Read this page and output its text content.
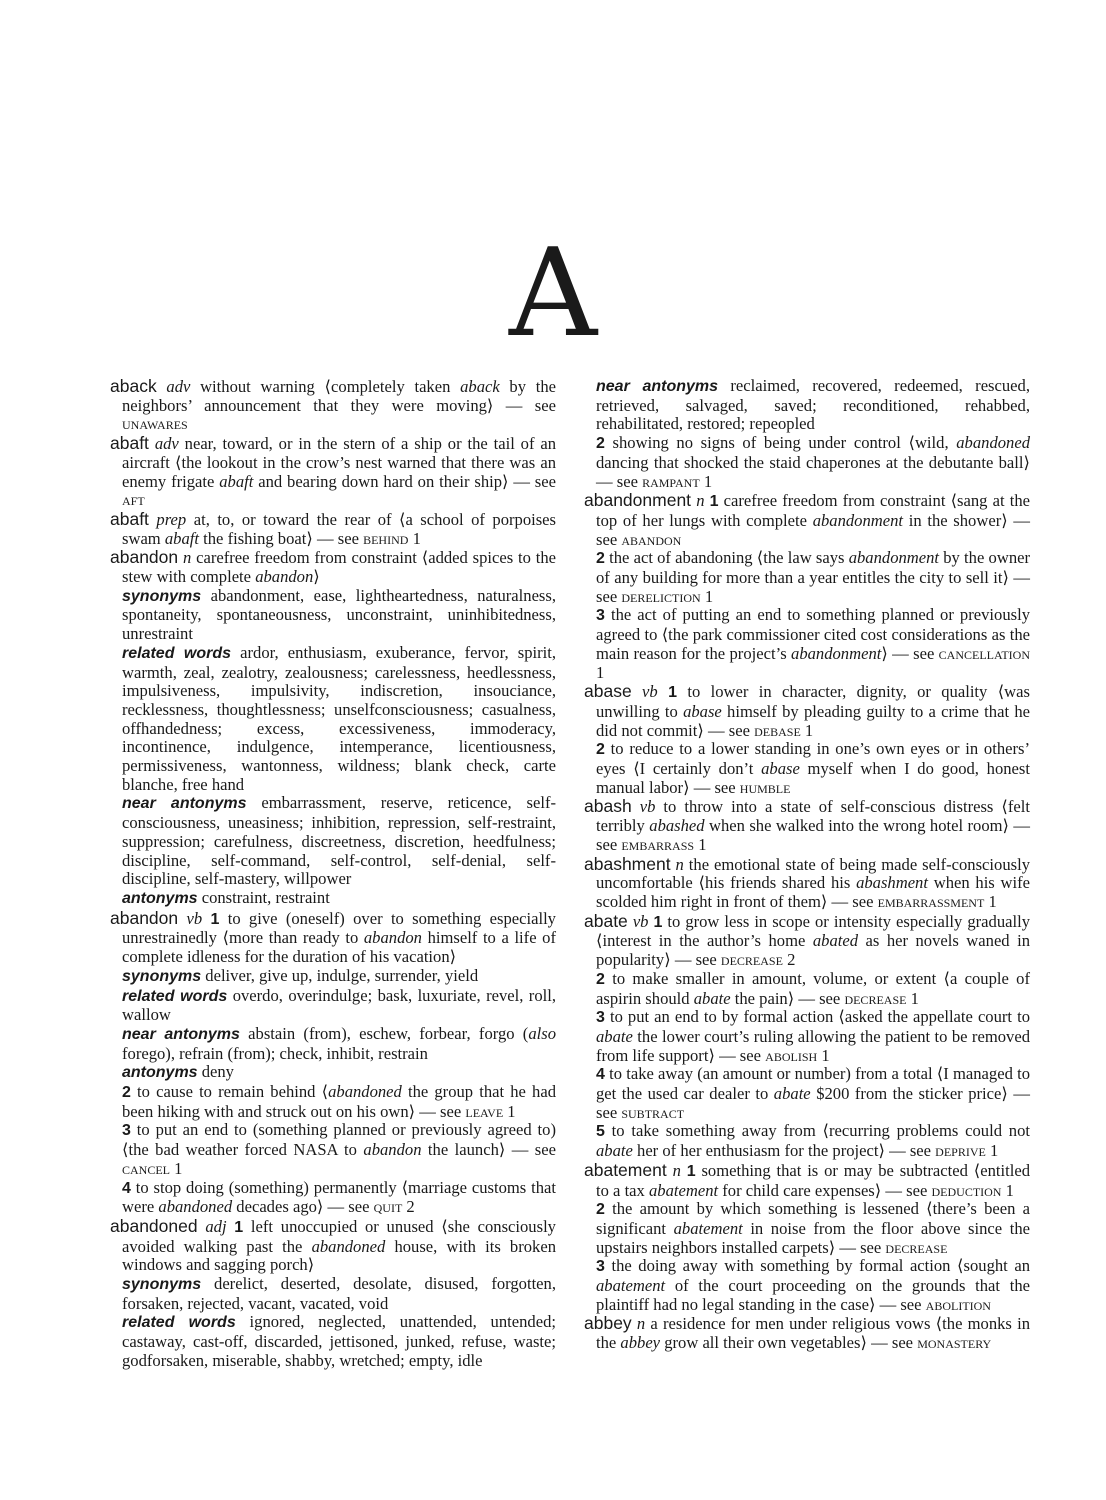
A

aback adv without warning ⟨completely taken aback by the neighbors’ announcement that they were moving⟩ — see unawares

abaft adv near, toward, or in the stern of a ship or the tail of an aircraft ⟨the lookout in the crow’s nest warned that there was an enemy frigate abaft and bearing down hard on their ship⟩ — see aft

abaft prep at, to, or toward the rear of ⟨a school of porpoises swam abaft the fishing boat⟩ — see behind 1

abandon n carefree freedom from constraint ⟨added spices to the stew with complete abandon⟩

synonyms abandonment, ease, lightheartedness, naturalness, spontaneity, spontaneousness, unconstraint, uninhibitedness, unrestraint

related words ardor, enthusiasm, exuberance, fervor, spirit, warmth, zeal, zealotry, zealousness; carelessness, heedlessness, impulsiveness, impulsivity, indiscretion, insouciance, recklessness, thoughtlessness; unselfconsciousness; casualness, offhandedness; excess, excessiveness, immoderacy, incontinence, indulgence, intemperance, licentiousness, permissiveness, wantonness, wildness; blank check, carte blanche, free hand

near antonyms embarrassment, reserve, reticence, self-consciousness, uneasiness; inhibition, repression, self-restraint, suppression; carefulness, discreetness, discretion, heedfulness; discipline, self-command, self-control, self-denial, self-discipline, self-mastery, willpower

antonyms constraint, restraint

abandon vb 1 to give (oneself) over to something especially unrestrainedly ⟨more than ready to abandon himself to a life of complete idleness for the duration of his vacation⟩

synonyms deliver, give up, indulge, surrender, yield

related words overdo, overindulge; bask, luxuriate, revel, roll, wallow

near antonyms abstain (from), eschew, forbear, forgo (also forego), refrain (from); check, inhibit, restrain

antonyms deny

2 to cause to remain behind ⟨abandoned the group that he had been hiking with and struck out on his own⟩ — see leave 1

3 to put an end to (something planned or previously agreed to) ⟨the bad weather forced NASA to abandon the launch⟩ — see cancel 1

4 to stop doing (something) permanently ⟨marriage customs that were abandoned decades ago⟩ — see quit 2

abandoned adj 1 left unoccupied or unused ⟨she consciously avoided walking past the abandoned house, with its broken windows and sagging porch⟩

synonyms derelict, deserted, desolate, disused, forgotten, forsaken, rejected, vacant, vacated, void

related words ignored, neglected, unattended, untended; castaway, cast-off, discarded, jettisoned, junked, refuse, waste; godforsaken, miserable, shabby, wretched; empty, idle

near antonyms reclaimed, recovered, redeemed, rescued, retrieved, salvaged, saved; reconditioned, rehabbed, rehabilitated, restored; repeopled

2 showing no signs of being under control ⟨wild, abandoned dancing that shocked the staid chaperones at the debutante ball⟩ — see rampant 1

abandonment n 1 carefree freedom from constraint ⟨sang at the top of her lungs with complete abandonment in the shower⟩ — see abandon

2 the act of abandoning ⟨the law says abandonment by the owner of any building for more than a year entitles the city to sell it⟩ — see dereliction 1

3 the act of putting an end to something planned or previously agreed to ⟨the park commissioner cited cost considerations as the main reason for the project’s abandonment⟩ — see cancellation 1

abase vb 1 to lower in character, dignity, or quality ⟨was unwilling to abase himself by pleading guilty to a crime that he did not commit⟩ — see debase 1

2 to reduce to a lower standing in one’s own eyes or in others’ eyes ⟨I certainly don’t abase myself when I do good, honest manual labor⟩ — see humble

abash vb to throw into a state of self-conscious distress ⟨felt terribly abashed when she walked into the wrong hotel room⟩ — see embarrass 1

abashment n the emotional state of being made self-consciously uncomfortable ⟨his friends shared his abashment when his wife scolded him right in front of them⟩ — see embarrassment 1

abate vb 1 to grow less in scope or intensity especially gradually ⟨interest in the author’s home abated as her novels waned in popularity⟩ — see decrease 2

2 to make smaller in amount, volume, or extent ⟨a couple of aspirin should abate the pain⟩ — see decrease 1

3 to put an end to by formal action ⟨asked the appellate court to abate the lower court’s ruling allowing the patient to be removed from life support⟩ — see abolish 1

4 to take away (an amount or number) from a total ⟨I managed to get the used car dealer to abate $200 from the sticker price⟩ — see subtract

5 to take something away from ⟨recurring problems could not abate her of her enthusiasm for the project⟩ — see deprive 1

abatement n 1 something that is or may be subtracted ⟨entitled to a tax abatement for child care expenses⟩ — see deduction 1

2 the amount by which something is lessened ⟨there’s been a significant abatement in noise from the floor above since the upstairs neighbors installed carpets⟩ — see decrease

3 the doing away with something by formal action ⟨sought an abatement of the court proceeding on the grounds that the plaintiff had no legal standing in the case⟩ — see abolition

abbey n a residence for men under religious vows ⟨the monks in the abbey grow all their own vegetables⟩ — see monastery
